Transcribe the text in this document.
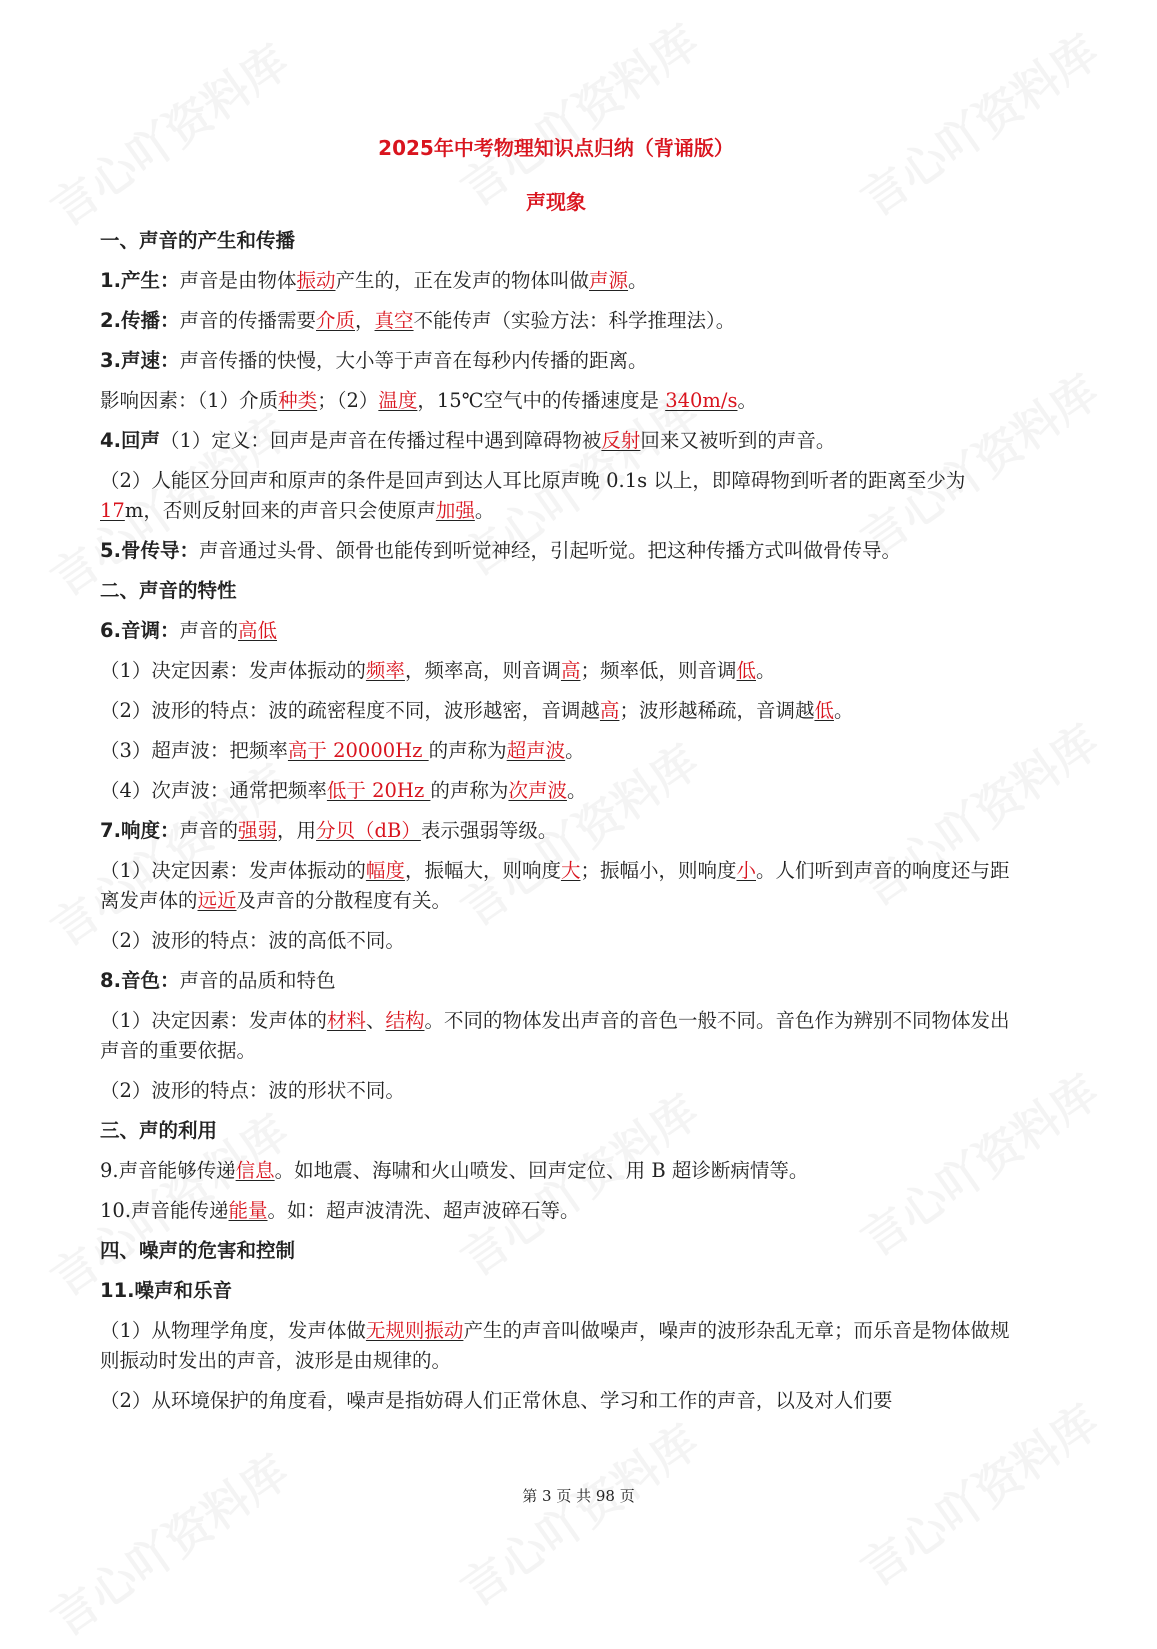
2025年中考物理知识点归纳（背诵版）
声现象
一、声音的产生和传播
1.产生：声音是由物体振动产生的，正在发声的物体叫做声源。
2.传播：声音的传播需要介质，真空不能传声（实验方法：科学推理法）。
3.声速：声音传播的快慢，大小等于声音在每秒内传播的距离。
影响因素：（1）介质种类；（2）温度，15℃空气中的传播速度是 340m/s。
4.回声（1）定义：回声是声音在传播过程中遇到障碍物被反射回来又被听到的声音。
（2）人能区分回声和原声的条件是回声到达人耳比原声晚 0.1s 以上，即障碍物到听者的距离至少为 17m，否则反射回来的声音只会使原声加强。
5.骨传导：声音通过头骨、颌骨也能传到听觉神经，引起听觉。把这种传播方式叫做骨传导。
二、声音的特性
6.音调：声音的高低
（1）决定因素：发声体振动的频率，频率高，则音调高；频率低，则音调低。
（2）波形的特点：波的疏密程度不同，波形越密，音调越高；波形越稀疏，音调越低。
（3）超声波：把频率高于 20000Hz 的声称为超声波。
（4）次声波：通常把频率低于 20Hz 的声称为次声波。
7.响度：声音的强弱，用分贝（dB）表示强弱等级。
（1）决定因素：发声体振动的幅度，振幅大，则响度大；振幅小，则响度小。人们听到声音的响度还与距离发声体的远近及声音的分散程度有关。
（2）波形的特点：波的高低不同。
8.音色：声音的品质和特色
（1）决定因素：发声体的材料、结构。不同的物体发出声音的音色一般不同。音色作为辨别不同物体发出声音的重要依据。
（2）波形的特点：波的形状不同。
三、声的利用
9.声音能够传递信息。如地震、海啸和火山喷发、回声定位、用 B 超诊断病情等。
10.声音能传递能量。如：超声波清洗、超声波碎石等。
四、噪声的危害和控制
11.噪声和乐音
（1）从物理学角度，发声体做无规则振动产生的声音叫做噪声，噪声的波形杂乱无章；而乐音是物体做规则振动时发出的声音，波形是由规律的。
（2）从环境保护的角度看，噪声是指妨碍人们正常休息、学习和工作的声音，以及对人们要
第 3 页 共 98 页
